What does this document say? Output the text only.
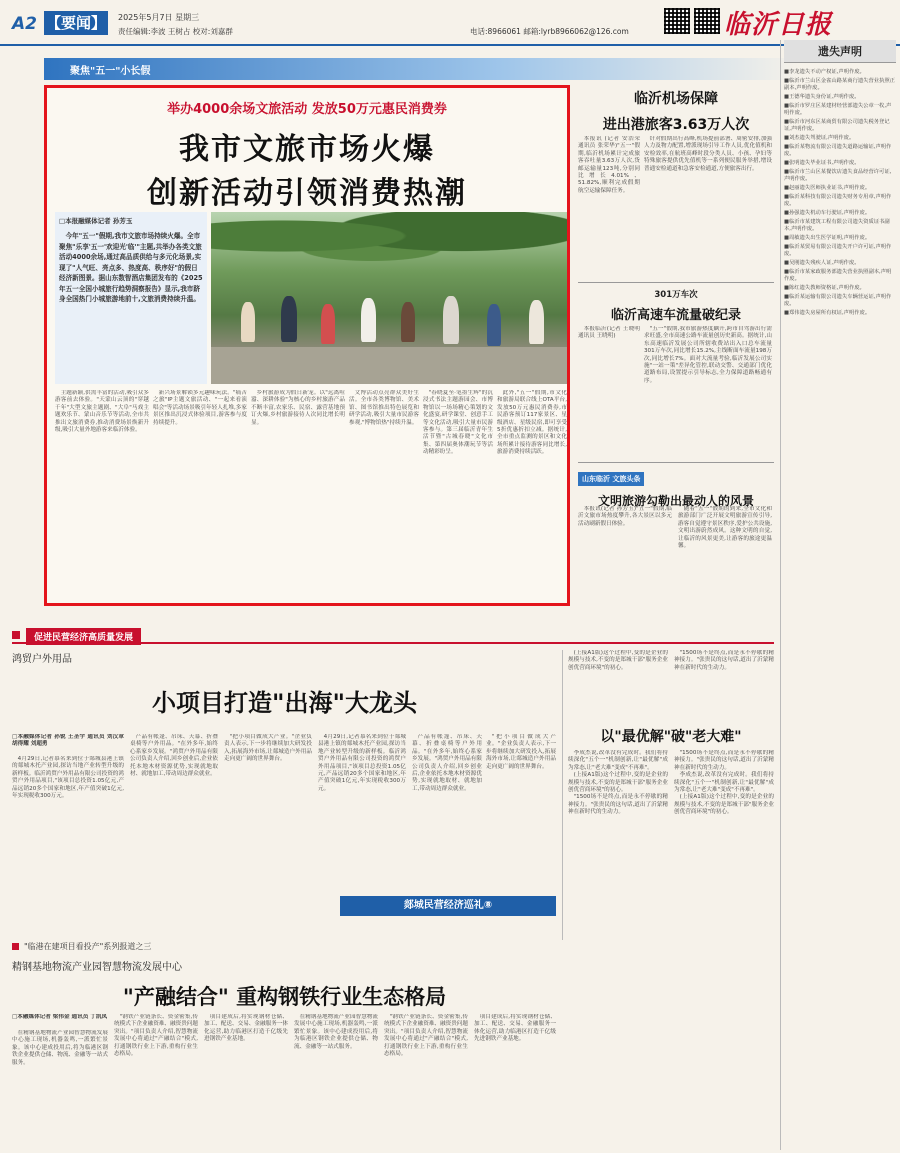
A2 【要闻】 2025年5月7日 星期三
责任编辑:李波 王树占 校对:刘嘉群	电话:8966061 邮箱:lyrb8966062@126.com	临沂日报
聚焦"五一"小长假
举办4000余场文旅活动 发放50万元惠民消费券
我市文旅市场火爆
创新活动引领消费热潮
□本报融媒体记者 孙芳玉
今年"五一"假期,我市文旅市场持续火爆。全市聚焦"乐享'五一'欢迎光'临'"主题,共举办各类文旅活动4000余场,通过高品质供给与多元化场景,实现了"人气旺、亮点多、热度高、秩序好"的假日经济新图景。据山东数智酒店集团发布的《2025年五一全国小城旅行趋势洞察报告》显示,我市跻身全国热门小城旅游地前十,文旅消费持续升温。

主题新颖,供需丰富的活动,吸引众多游客前去体验。"天蒙山云顶的"穿越千年"大型文旅主题剧、"大阜"马戏主题欢乐节、蒙山音乐节等活动,全市共推出文旅消费券,推动消费场景焕新升级,吸引大量外地游客来临沂体验。

新兴场景解锁多元趣味玩法。"痛苦之旅"IP主题文旅活动、"一起来看演唱会"等活动场景吸引年轻人扎堆,多家景区推出沉浸式体验项目,游客参与度持续提升。

乡村旅游成为假日新宠。以"远离喧嚣、深耕体验"为核心的乡村旅游产品不断丰富,农家乐、民宿、露营基地预订火爆,乡村旅游接待人次同比增长明显。

文博活动点亮群众美好生活。全市各类博物馆、美术馆、图书馆推出特色展览和研学活动,吸引大量市民游客参观,"博物馆热"持续升温。

"春晓夏至·笔墨生辉"的沉浸式书法主题游园会、市博物馆以一场场精心策划的文化盛宴,研学课堂、创意手工等文化活动,吸引大量市民游客参与。第三届临沂青年生活节暨"古城春晓"文化市集、第四届奥体潮玩节等活动精彩纷呈。

此外,"五一"假期,市文化和旅游局联合线上OTA平台,发放50万元惠民消费券,市民游客预订117家景区、星级酒店、星级民宿,即可享受5折优惠折扣立减。据统计,全市重点监测的景区和文化场所累计接待游客同比增长,旅游消费持续活跃。

临沂机场保障
进出港旅客3.63万人次

本报讯 (记者 安浩荣 通讯员 张荣华)"五一"假期,临沂机场累计完成旅客吞吐量3.63万人次,货邮运输量123吨,分别同比增长4.01%、51.82%,顺利完成假期航空运输保障任务。

针对假期出行高峰,机场提前部署、周密安排,加强人力及物力配置,增派现场引导工作人员,优化值机和安检效率,在航班高峰时段分类人员、小孩、孕妇等特殊旅客提供优先值机等一系列便民服务举措,增设普通安检通道和急客安检通道,方便旅客出行。

301万车次
临沂高速车流量破纪录

本报临沂(记者 王晓明 通讯员 王晓明)

"五一"假期,我市旅游热度飙升,跨市自驾游出行需求旺盛,全市高速公路车流量创历史新高。据统计,山东高速临沂发展公司所辖收费站出入口总车流量301万车次,同比增长15.2%,主线断面车流量198万次,同比增长7%。面对大流量考验,临沂发展公司实施"一站一策"差异化管控,联动交警、交通部门优化道路布局,设置提示引导标志,全力保障道路畅通有序。

山东临沂 文旅头条
文明旅游勾勒出最动人的风景

本报讯(记者 孙芳玉)"五一"假期,临沂文旅市场热度攀升,各大景区以多元活动刷新假日体验。

随着"五一"假期的到来,全市文化和旅游部门广泛开展文明旅游宣传引导,游客自觉遵守景区秩序,爱护公共设施,文明出游蔚然成风。这种文明的自觉,让临沂的风景更美,让游客的旅途更温馨。

遗失声明
■李龙遗失不动产权证,声明作废。
■临沂市兰山区金雀山路某商行遗失营业执照正副本,声明作废。
■王德华遗失身份证,声明作废。
■临沂市罗庄区某建材经营部遗失公章一枚,声明作废。
■临沂市河东区某商贸有限公司遗失税务登记证,声明作废。
■刘杰遗失驾驶证,声明作废。
■临沂某物流有限公司遗失道路运输证,声明作废。
■张明遗失毕业证书,声明作废。
■临沂市兰山区某餐饮店遗失食品经营许可证,声明作废。
■赵丽遗失医师执业证书,声明作废。
■临沂某科技有限公司遗失财务专用章,声明作废。
■孙强遗失机动车行驶证,声明作废。
■临沂市某建筑工程有限公司遗失资质证书副本,声明作废。
■周敏遗失出生医学证明,声明作废。
■临沂某贸易有限公司遗失开户许可证,声明作废。
■吴刚遗失残疾人证,声明作废。
■临沂市某家政服务部遗失营业执照副本,声明作废。
■陈红遗失教师资格证,声明作废。
■临沂某运输有限公司遗失车辆营运证,声明作废。
■郑伟遗失房屋所有权证,声明作废。
促进民营经济高质量发展
鸿贸户外用品
小项目打造"出海"大龙头
□本融媒体记者 孙锐 王圣宇 通讯员 刘汉章 胡得耀 刘超勇

4月29日,记者慕名来到位于郯城县港上镇的郯城木托产业园,探访当地产业转型升级的新样板。临沂鸿贸户外用品有限公司投资的鸿贸户外用品项目,"该项目总投资1.05亿元,产品远销20多个国家和地区,年产值突破1亿元,年实现税收300万元。

产品有帐篷、吊床、天幕、折叠桌椅等户外用品。"在外多年,始终心系家乡发展。"鸿贸户外用品有限公司负责人介绍,回乡创业后,企业依托本地木材资源优势,实现就地取材、就地加工,带动周边群众就业。

"把小项目做成大产业。"企业负责人表示,下一步将继续加大研发投入,拓展海外市场,让郯城造户外用品走向更广阔的世界舞台。

4月29日,记者慕名来到位于郯城县港上镇的郯城木托产业园,探访当地产业转型升级的新样板。临沂鸿贸户外用品有限公司投资的鸿贸户外用品项目,"该项目总投资1.05亿元,产品远销20多个国家和地区,年产值突破1亿元,年实现税收300万元。

产品有帐篷、吊床、天幕、折叠桌椅等户外用品。"在外多年,始终心系家乡发展。"鸿贸户外用品有限公司负责人介绍,回乡创业后,企业依托本地木材资源优势,实现就地取材、就地加工,带动周边群众就业。

"把小项目做成大产业。"企业负责人表示,下一步将继续加大研发投入,拓展海外市场,让郯城造户外用品走向更广阔的世界舞台。

郯城民营经济巡礼⑧

(上接A1版)这个过程中,变的是企业的规模与技术,不变的是郑城干部"服务企业 创优营商环境"的初心。

"1500场不是终点,而是永不停歇的精神接力。"张贵民的这句话,道出了沂蒙精神在新时代的生动力。

以"最优解"破"老大难"

李成杰说,改革没有完成时。我们将持续深化"五个一"机制创新,让"最优解"成为常态,让"老大难"变成"不再难"。

(上接A1版)这个过程中,变的是企业的规模与技术,不变的是郑城干部"服务企业 创优营商环境"的初心。

"1500场不是终点,而是永不停歇的精神接力。"张贵民的这句话,道出了沂蒙精神在新时代的生动力。

"1500场不是终点,而是永不停歇的精神接力。"张贵民的这句话,道出了沂蒙精神在新时代的生动力。

李成杰说,改革没有完成时。我们将持续深化"五个一"机制创新,让"最优解"成为常态,让"老大难"变成"不再难"。

(上接A1版)这个过程中,变的是企业的规模与技术,不变的是郑城干部"服务企业 创优营商环境"的初心。

"临港在建项目看投产"系列报道之三
精钢基地物流产业园智慧物流发展中心
"产融结合" 重构钢铁行业生态格局
□本融媒体记者 梁伟金 通讯员 丁凯凤

在精钢基地物流产业园智慧物流发展中心施工现场,机器轰鸣,一派繁忙景象。该中心建成投用后,将为临港区钢铁企业提供仓储、物流、金融等一站式服务。

"钢铁产业链条长、资金密集,传统模式下企业融资难、融资贵问题突出。"项目负责人介绍,智慧物流发展中心将通过"产融结合"模式,打通钢铁行业上下游,重构行业生态格局。

项目建成后,将实现钢材仓储、加工、配送、交易、金融服务一体化运营,助力临港区打造千亿级先进钢铁产业基地。

在精钢基地物流产业园智慧物流发展中心施工现场,机器轰鸣,一派繁忙景象。该中心建成投用后,将为临港区钢铁企业提供仓储、物流、金融等一站式服务。

"钢铁产业链条长、资金密集,传统模式下企业融资难、融资贵问题突出。"项目负责人介绍,智慧物流发展中心将通过"产融结合"模式,打通钢铁行业上下游,重构行业生态格局。

项目建成后,将实现钢材仓储、加工、配送、交易、金融服务一体化运营,助力临港区打造千亿级先进钢铁产业基地。
